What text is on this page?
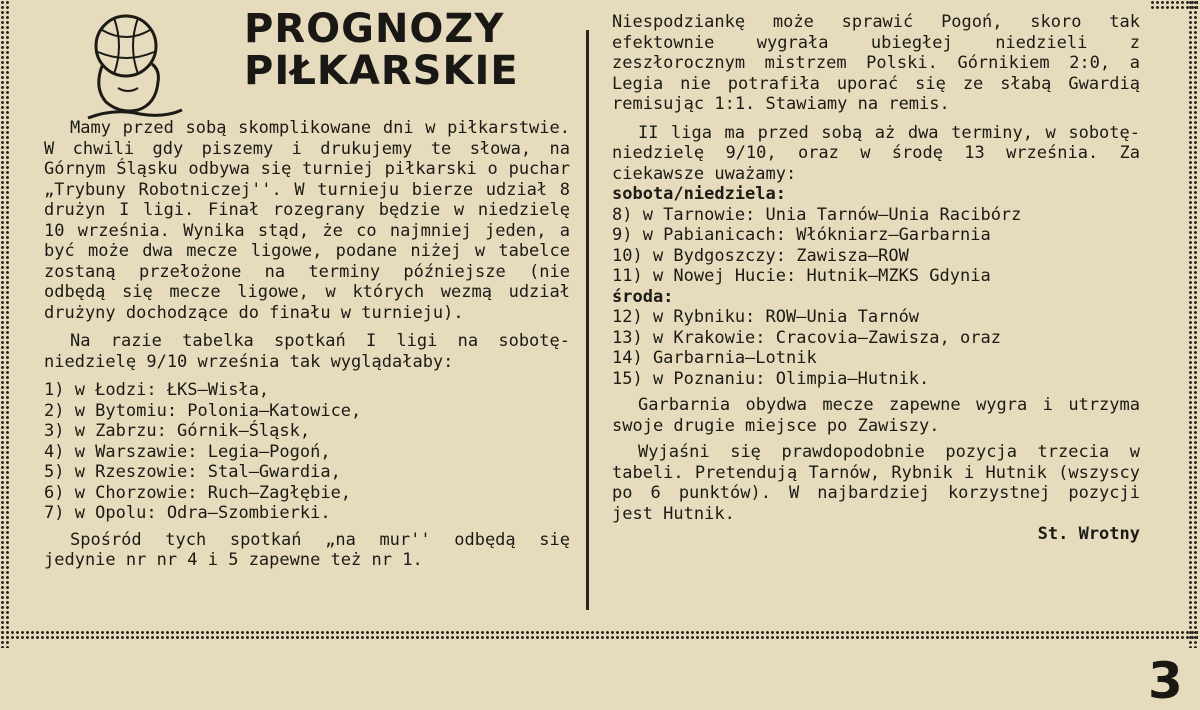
PROGNOZY
PIŁKARSKIE

Mamy przed sobą skomplikowane dni w piłkarstwie. W chwili gdy piszemy i drukujemy te słowa, na Górnym Śląsku odbywa się turniej piłkarski o puchar „Trybuny Robotniczej''. W turnieju bierze udział 8 drużyn I ligi. Finał rozegrany będzie w niedzielę 10 września. Wynika stąd, że co najmniej jeden, a być może dwa mecze ligowe, podane niżej w tabelce zostaną przełożone na terminy późniejsze (nie odbędą się mecze ligowe, w których wezmą udział drużyny dochodzące do finału w turnieju).

Na razie tabelka spotkań I ligi na sobotę-niedzielę 9/10 września tak wyglądałaby:

1) w Łodzi: ŁKS—Wisła,
2) w Bytomiu: Polonia—Katowice,
3) w Zabrzu: Górnik—Śląsk,
4) w Warszawie: Legia—Pogoń,
5) w Rzeszowie: Stal—Gwardia,
6) w Chorzowie: Ruch—Zagłębie,
7) w Opolu: Odra—Szombierki.

Spośród tych spotkań „na mur'' odbędą się jedynie nr nr 4 i 5 zapewne też nr 1.

Niespodziankę może sprawić Pogoń, skoro tak efektownie wygrała ubiegłej niedzieli z zeszłorocznym mistrzem Polski. Górnikiem 2:0, a Legia nie potrafiła uporać się ze słabą Gwardią remisując 1:1. Stawiamy na remis.

II liga ma przed sobą aż dwa terminy, w sobotę-niedzielę 9/10, oraz w środę 13 września. Za ciekawsze uważamy:

sobota/niedziela:

8) w Tarnowie: Unia Tarnów—Unia Racibórz
9) w Pabianicach: Włókniarz—Garbarnia
10) w Bydgoszczy: Zawisza—ROW
11) w Nowej Hucie: Hutnik—MZKS Gdynia

środa:

12) w Rybniku: ROW—Unia Tarnów
13) w Krakowie: Cracovia—Zawisza, oraz
14) Garbarnia—Lotnik
15) w Poznaniu: Olimpia—Hutnik.

Garbarnia obydwa mecze zapewne wygra i utrzyma swoje drugie miejsce po Zawiszy.

Wyjaśni się prawdopodobnie pozycja trzecia w tabeli. Pretendują Tarnów, Rybnik i Hutnik (wszyscy po 6 punktów). W najbardziej korzystnej pozycji jest Hutnik.

St. Wrotny

3
